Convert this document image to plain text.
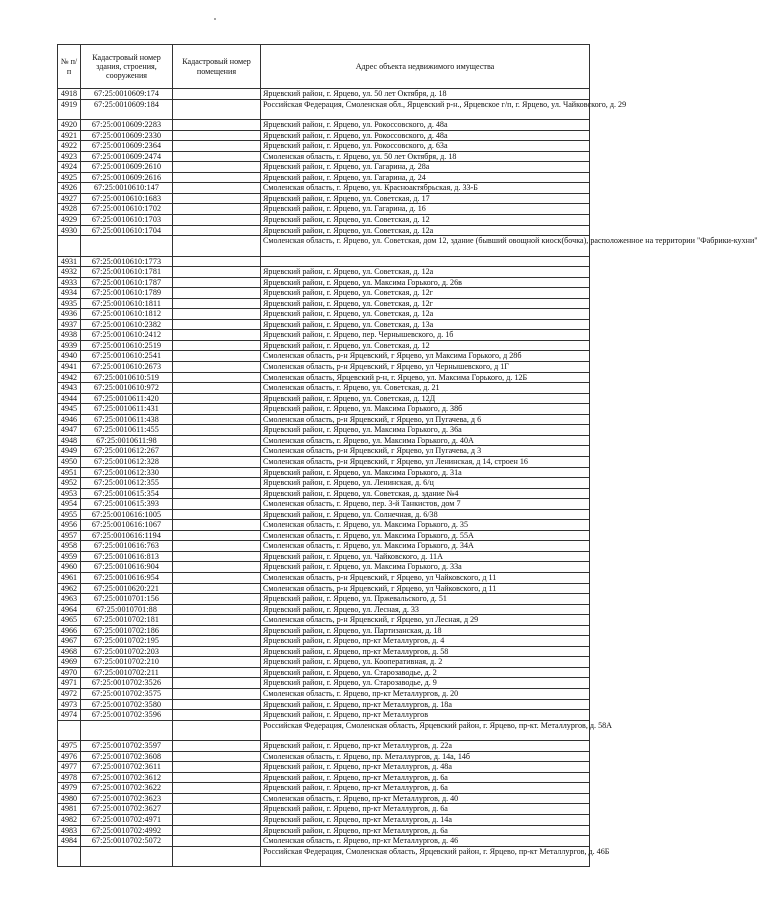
№ п/п	Кадастровый номер здания, строения, сооружения	Кадастровый номер помещения	Адрес объекта недвижимого имущества
4918	67:25:0010609:174		Ярцевский район, г. Ярцево, ул. 50 лет Октября, д. 18
4919	67:25:0010609:184		Российская Федерация, Смоленская обл., Ярцевский р-н., Ярцевское г/п, г. Ярцево, ул. Чайковского, д. 29
4920	67:25:0010609:2283		Ярцевский район, г. Ярцево, ул. Рокоссовского, д. 48а
4921	67:25:0010609:2330		Ярцевский район, г. Ярцево, ул. Рокоссовского, д. 48а
4922	67:25:0010609:2364		Ярцевский район, г. Ярцево, ул. Рокоссовского, д. 63а
4923	67:25:0010609:2474		Смоленская область, г. Ярцево, ул. 50 лет Октября, д. 18
4924	67:25:0010609:2610		Ярцевский район, г. Ярцево, ул. Гагарина, д. 28а
4925	67:25:0010609:2616		Ярцевский район, г. Ярцево, ул. Гагарина, д. 24
4926	67:25:0010610:147		Смоленская область, г. Ярцево, ул. Красноактябрьская, д. 33-Б
4927	67:25:0010610:1683		Ярцевский район, г. Ярцево, ул. Советская, д. 17
4928	67:25:0010610:1702		Ярцевский район, г. Ярцево, ул. Гагарина, д. 16
4929	67:25:0010610:1703		Ярцевский район, г. Ярцево, ул. Советская, д. 12
4930	67:25:0010610:1704		Ярцевский район, г. Ярцево, ул. Советская, д. 12а
			Смоленская область, г. Ярцево, ул. Советская, дом 12, здание (бывший овощной киоск(бочка), расположенное на территории "Фабрики-кухни"
4931	67:25:0010610:1773		
4932	67:25:0010610:1781		Ярцевский район, г. Ярцево, ул. Советская, д. 12а
4933	67:25:0010610:1787		Ярцевский район, г. Ярцево, ул. Максима Горького, д. 26в
4934	67:25:0010610:1789		Ярцевский район, г. Ярцево, ул. Советская, д. 12г
4935	67:25:0010610:1811		Ярцевский район, г. Ярцево, ул. Советская, д. 12г
4936	67:25:0010610:1812		Ярцевский район, г. Ярцево, ул. Советская, д. 12а
4937	67:25:0010610:2382		Ярцевский район, г. Ярцево, ул. Советская, д. 13а
4938	67:25:0010610:2412		Ярцевский район, г. Ярцево, пер. Чернышевского, д. 1б
4939	67:25:0010610:2519		Ярцевский район, г. Ярцево, ул. Советская, д. 12
4940	67:25:0010610:2541		Смоленская область, р-н Ярцевский, г Ярцево, ул Максима Горького, д 28б
4941	67:25:0010610:2673		Смоленская область, р-н Ярцевский, г Ярцево, ул Чернышевского, д 1Г
4942	67:25:0010610:519		Смоленская область, Ярцевский р-н, г. Ярцево, ул. Максима Горького, д. 12Б
4943	67:25:0010610:972		Смоленская область, г. Ярцево, ул. Советская, д. 21
4944	67:25:0010611:420		Ярцевский район, г. Ярцево, ул. Советская, д. 12Д
4945	67:25:0010611:431		Ярцевский район, г. Ярцево, ул. Максима Горького, д. 38б
4946	67:25:0010611:438		Смоленская область, р-н Ярцевский, г Ярцево, ул Пугачева, д 6
4947	67:25:0010611:455		Ярцевский район, г. Ярцево, ул. Максима Горького, д. 36а
4948	67:25:0010611:98		Смоленская область, г. Ярцево, ул. Максима Горького, д. 40А
4949	67:25:0010612:267		Смоленская область, р-н Ярцевский, г Ярцево, ул Пугачева, д 3
4950	67:25:0010612:328		Смоленская область, р-н Ярцевский, г Ярцево, ул Ленинская, д 14, строен 16
4951	67:25:0010612:330		Ярцевский район, г. Ярцево, ул. Максима Горького, д. 31а
4952	67:25:0010612:355		Ярцевский район, г. Ярцево, ул. Ленинская, д. 6/ц
4953	67:25:0010615:354		Ярцевский район, г. Ярцево, ул. Советская, д. здание №4
4954	67:25:0010615:393		Смоленская область, г. Ярцево, пер. 3-й Танкистов, дом 7
4955	67:25:0010616:1005		Ярцевский район, г. Ярцево, ул. Солнечная, д. 6/38
4956	67:25:0010616:1067		Смоленская область, г. Ярцево, ул. Максима Горького, д. 35
4957	67:25:0010616:1194		Смоленская область, г. Ярцево, ул. Максима Горького, д. 55А
4958	67:25:0010616:763		Смоленская область, г. Ярцево, ул. Максима Горького, д. 34А
4959	67:25:0010616:813		Ярцевский район, г. Ярцево, ул. Чайковского, д. 11А
4960	67:25:0010616:904		Ярцевский район, г. Ярцево, ул. Максима Горького, д. 33а
4961	67:25:0010616:954		Смоленская область, р-н Ярцевский, г Ярцево, ул Чайковского, д 11
4962	67:25:0010620:221		Смоленская область, р-н Ярцевский, г Ярцево, ул Чайковского, д 11
4963	67:25:0010701:156		Ярцевский район, г. Ярцево, ул. Пржевальского, д. 51
4964	67:25:0010701:88		Ярцевский район, г. Ярцево, ул. Лесная, д. 33
4965	67:25:0010702:181		Смоленская область, р-н Ярцевский, г Ярцево, ул Лесная, д 29
4966	67:25:0010702:186		Ярцевский район, г. Ярцево, ул. Партизанская, д. 18
4967	67:25:0010702:195		Ярцевский район, г. Ярцево, пр-кт Металлургов, д. 4
4968	67:25:0010702:203		Ярцевский район, г. Ярцево, пр-кт Металлургов, д. 58
4969	67:25:0010702:210		Ярцевский район, г. Ярцево, ул. Кооперативная, д. 2
4970	67:25:0010702:211		Ярцевский район, г. Ярцево, ул. Старозаводье, д. 2
4971	67:25:0010702:3526		Ярцевский район, г. Ярцево, ул. Старозаводье, д. 9
4972	67:25:0010702:3575		Смоленская область, г. Ярцево, пр-кт Металлургов, д. 20
4973	67:25:0010702:3580		Ярцевский район, г. Ярцево, пр-кт Металлургов, д. 18а
4974	67:25:0010702:3596		Ярцевский район, г. Ярцево, пр-кт Металлургов
			Российская Федерация, Смоленская область, Ярцевский район, г. Ярцево, пр-кт. Металлургов, д. 58А
4975	67:25:0010702:3597		Ярцевский район, г. Ярцево, пр-кт Металлургов, д. 22а
4976	67:25:0010702:3608		Смоленская область, г. Ярцево, пр. Металлургов, д. 14а, 14б
4977	67:25:0010702:3611		Ярцевский район, г. Ярцево, пр-кт Металлургов, д. 48а
4978	67:25:0010702:3612		Ярцевский район, г. Ярцево, пр-кт Металлургов, д. 6а
4979	67:25:0010702:3622		Ярцевский район, г. Ярцево, пр-кт Металлургов, д. 6а
4980	67:25:0010702:3623		Смоленская область, г. Ярцево, пр-кт Металлургов, д. 40
4981	67:25:0010702:3627		Ярцевский район, г. Ярцево, пр-кт Металлургов, д. 6а
4982	67:25:0010702:4971		Ярцевский район, г. Ярцево, пр-кт Металлургов, д. 14а
4983	67:25:0010702:4992		Ярцевский район, г. Ярцево, пр-кт Металлургов, д. 6а
4984	67:25:0010702:5072		Смоленская область, г. Ярцево, пр-кт Металлургов, д. 46
			Российская Федерация, Смоленская область, Ярцевский район, г. Ярцево, пр-кт Металлургов, д. 46Б
